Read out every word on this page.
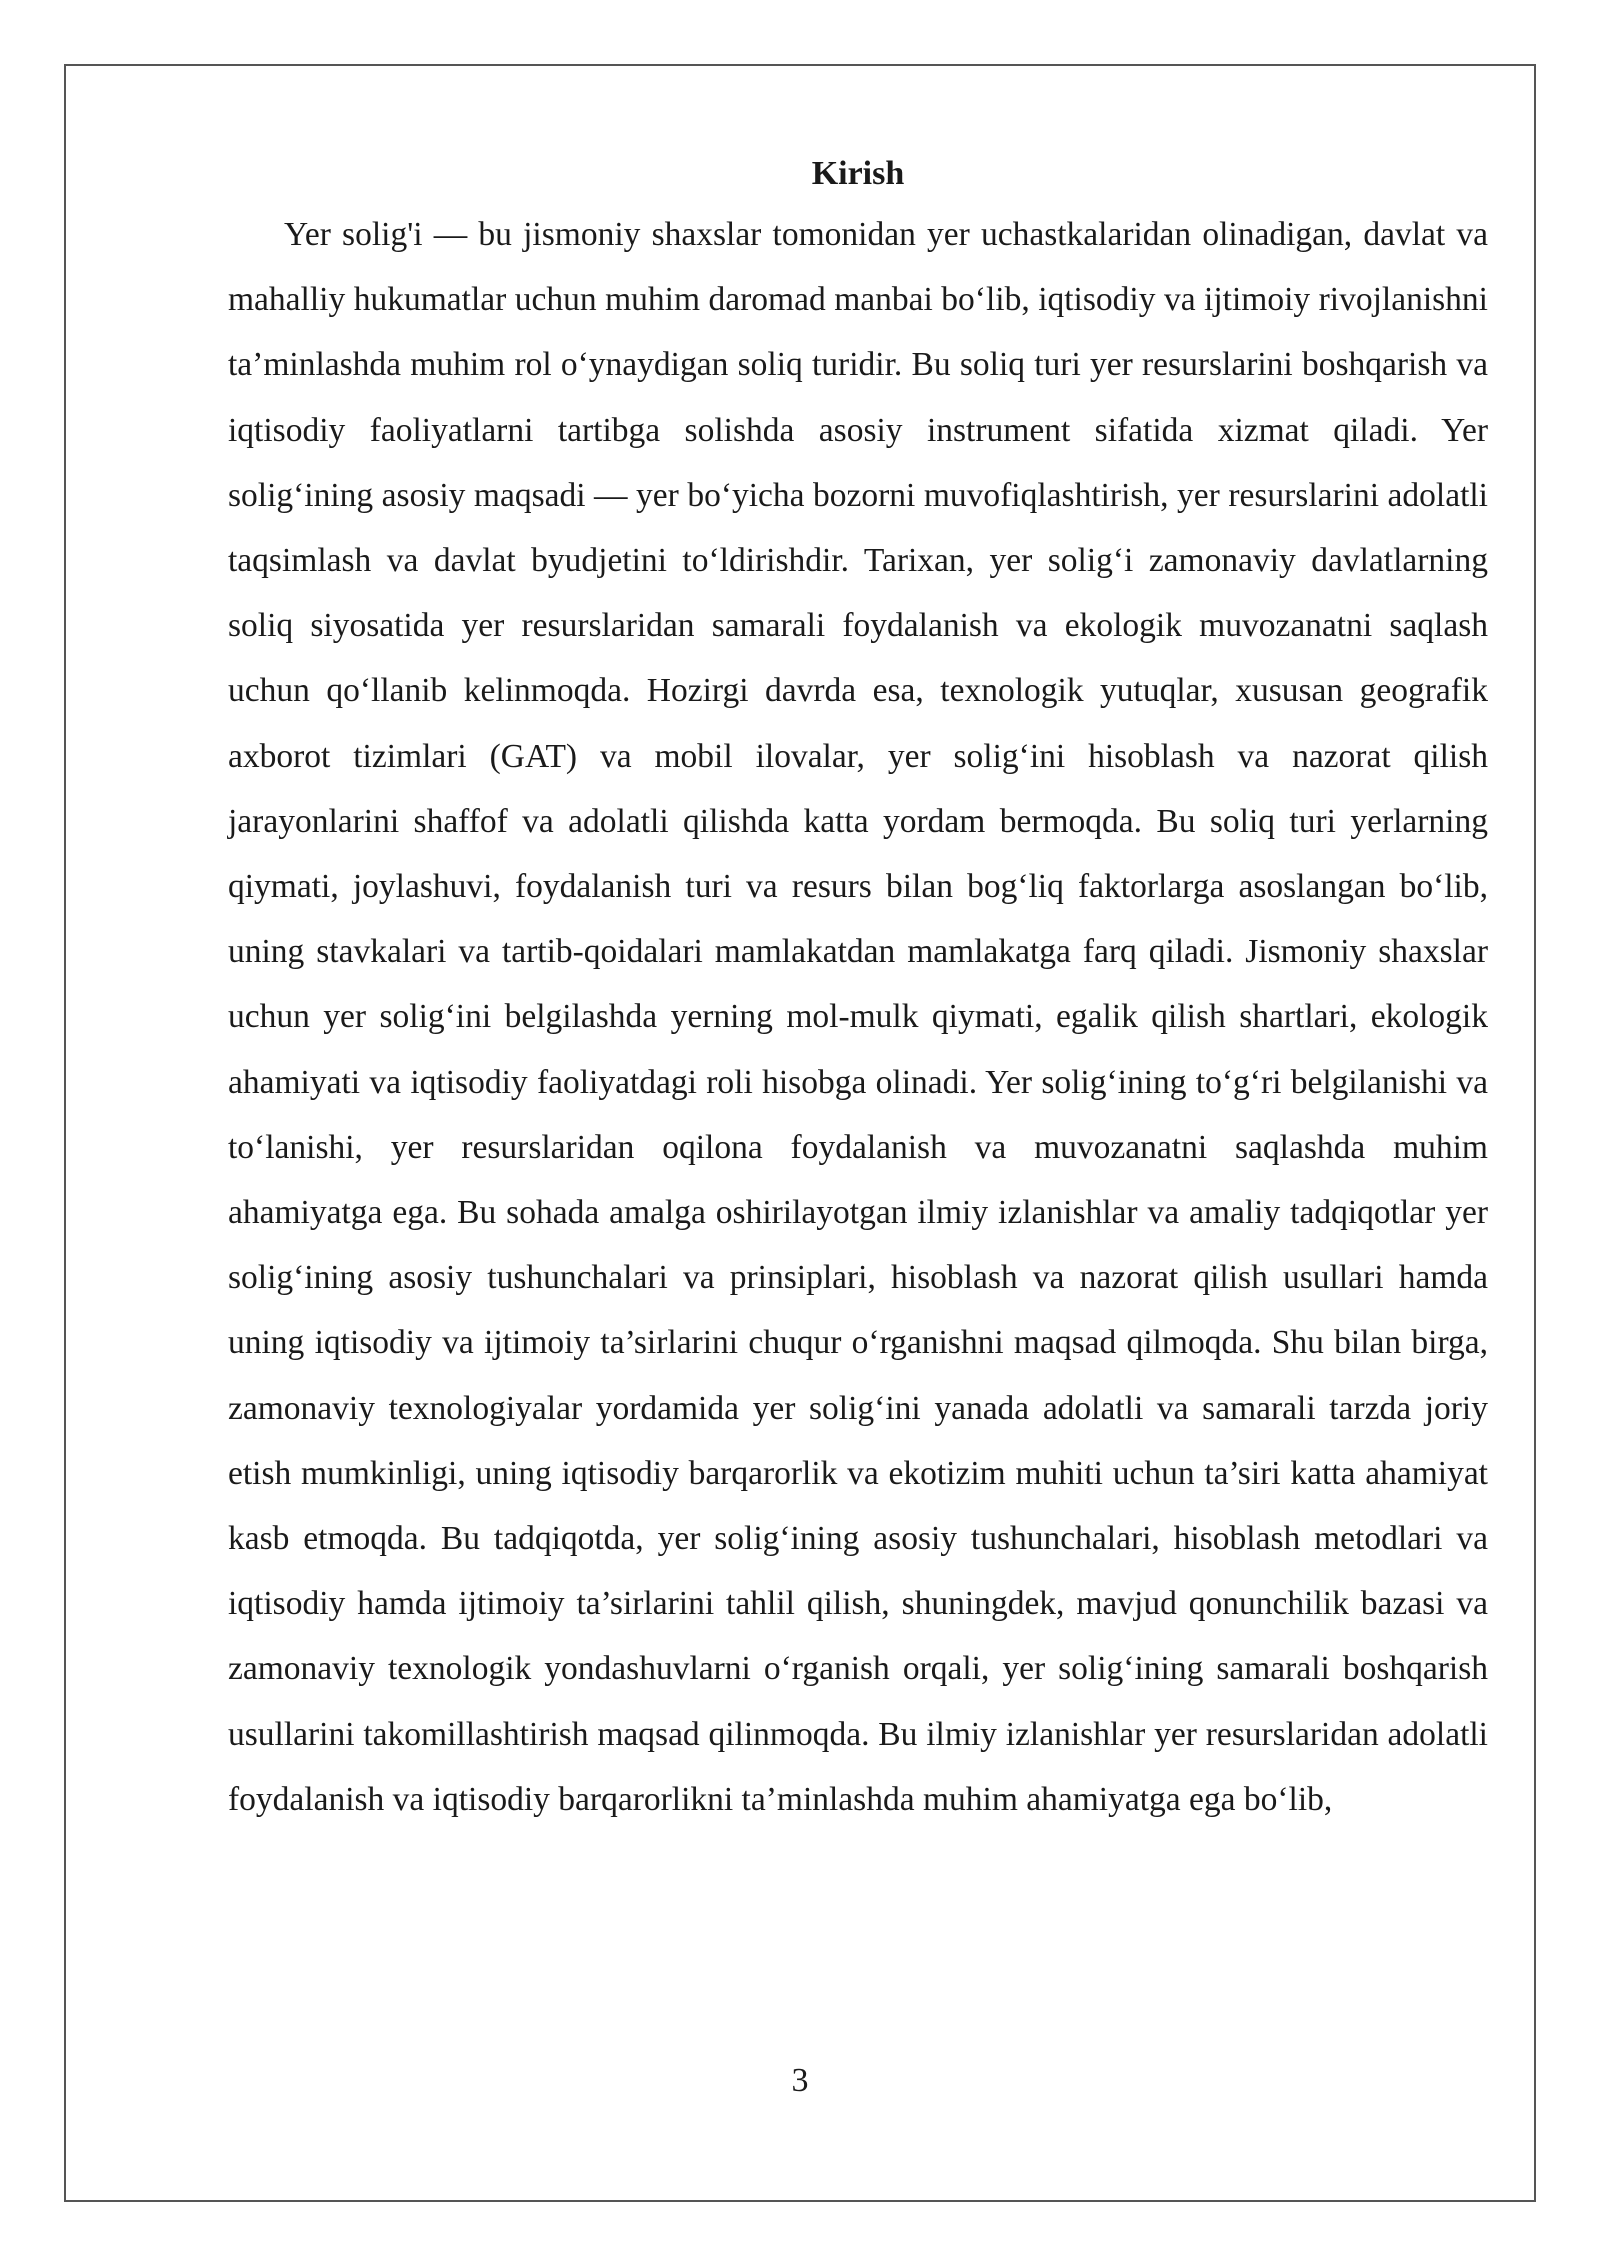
Kirish

Yer solig'i — bu jismoniy shaxslar tomonidan yer uchastkalaridan olinadigan, davlat va mahalliy hukumatlar uchun muhim daromad manbai bo‘lib, iqtisodiy va ijtimoiy rivojlanishni ta’minlashda muhim rol o‘ynaydigan soliq turidir. Bu soliq turi yer resurslarini boshqarish va iqtisodiy faoliyatlarni tartibga solishda asosiy instrument sifatida xizmat qiladi. Yer solig‘ining asosiy maqsadi — yer bo‘yicha bozorni muvofiqlashtirish, yer resurslarini adolatli taqsimlash va davlat byudjetini to‘ldirishdir. Tarixan, yer solig‘i zamonaviy davlatlarning soliq siyosatida yer resurslaridan samarali foydalanish va ekologik muvozanatni saqlash uchun qo‘llanib kelinmoqda. Hozirgi davrda esa, texnologik yutuqlar, xususan geografik axborot tizimlari (GAT) va mobil ilovalar, yer solig‘ini hisoblash va nazorat qilish jarayonlarini shaffof va adolatli qilishda katta yordam bermoqda. Bu soliq turi yerlarning qiymati, joylashuvi, foydalanish turi va resurs bilan bog‘liq faktorlarga asoslangan bo‘lib, uning stavkalari va tartib-qoidalari mamlakatdan mamlakatga farq qiladi. Jismoniy shaxslar uchun yer solig‘ini belgilashda yerning mol-mulk qiymati, egalik qilish shartlari, ekologik ahamiyati va iqtisodiy faoliyatdagi roli hisobga olinadi. Yer solig‘ining to‘g‘ri belgilanishi va to‘lanishi, yer resurslaridan oqilona foydalanish va muvozanatni saqlashda muhim ahamiyatga ega. Bu sohada amalga oshirilayotgan ilmiy izlanishlar va amaliy tadqiqotlar yer solig‘ining asosiy tushunchalari va prinsiplari, hisoblash va nazorat qilish usullari hamda uning iqtisodiy va ijtimoiy ta’sirlarini chuqur o‘rganishni maqsad qilmoqda. Shu bilan birga, zamonaviy texnologiyalar yordamida yer solig‘ini yanada adolatli va samarali tarzda joriy etish mumkinligi, uning iqtisodiy barqarorlik va ekotizim muhiti uchun ta’siri katta ahamiyat kasb etmoqda. Bu tadqiqotda, yer solig‘ining asosiy tushunchalari, hisoblash metodlari va iqtisodiy hamda ijtimoiy ta’sirlarini tahlil qilish, shuningdek, mavjud qonunchilik bazasi va zamonaviy texnologik yondashuvlarni o‘rganish orqali, yer solig‘ining samarali boshqarish usullarini takomillashtirish maqsad qilinmoqda. Bu ilmiy izlanishlar yer resurslaridan adolatli foydalanish va iqtisodiy barqarorlikni ta’minlashda muhim ahamiyatga ega bo‘lib,

3
